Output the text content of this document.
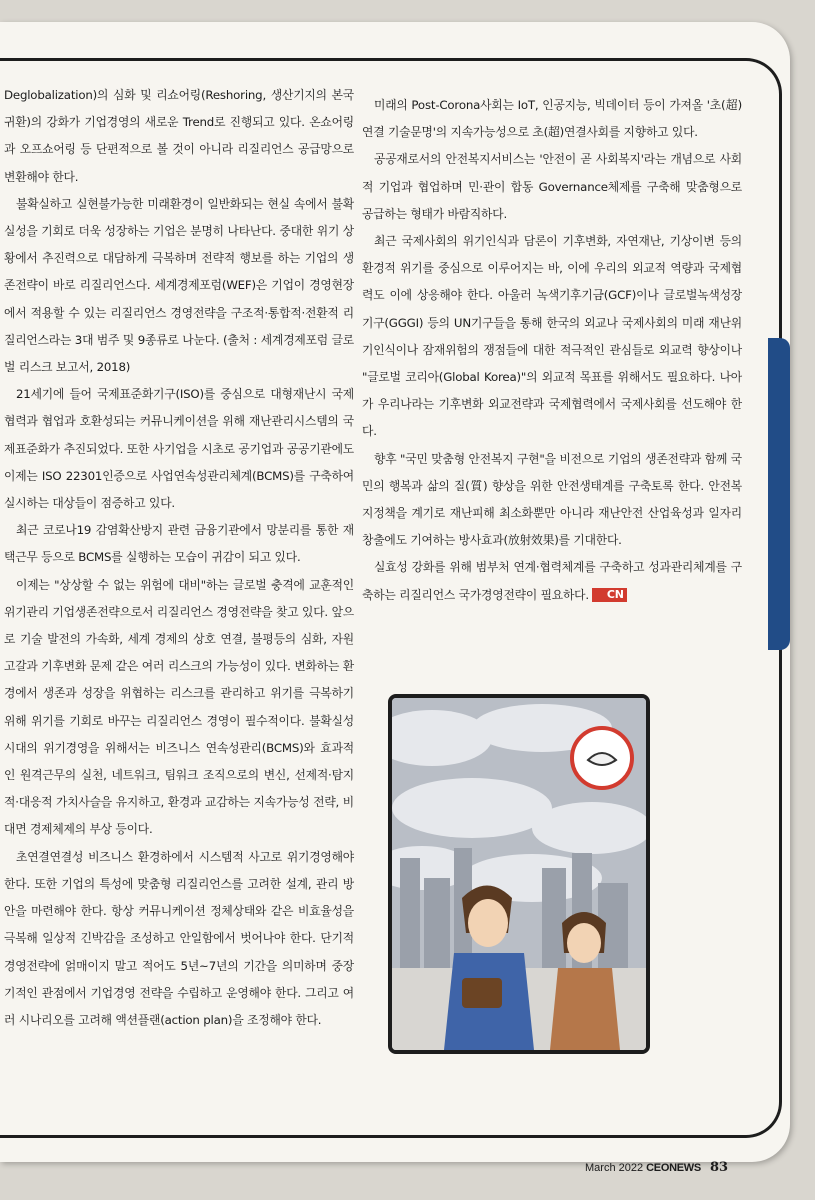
Deglobalization)의 심화 및 리쇼어링(Reshoring, 생산기지의 본국 귀환)의 강화가 기업경영의 새로운 Trend로 진행되고 있다. 온쇼어링과 오프쇼어링 등 단편적으로 볼 것이 아니라 리질리언스 공급망으로 변환해야 한다.

불확실하고 실현불가능한 미래환경이 일반화되는 현실 속에서 불확실성을 기회로 더욱 성장하는 기업은 분명히 나타난다. 중대한 위기 상황에서 추진력으로 대담하게 극복하며 전략적 행보를 하는 기업의 생존전략이 바로 리질리언스다. 세계경제포럼(WEF)은 기업이 경영현장에서 적용할 수 있는 리질리언스 경영전략을 구조적·통합적·전환적 리질리언스라는 3대 범주 및 9종류로 나눈다. (출처 : 세계경제포럼 글로벌 리스크 보고서, 2018)

21세기에 들어 국제표준화기구(ISO)를 중심으로 대형재난시 국제협력과 협업과 호환성되는 커뮤니케이션을 위해 재난관리시스템의 국제표준화가 추진되었다. 또한 사기업을 시초로 공기업과 공공기관에도 이제는 ISO 22301인증으로 사업연속성관리체계(BCMS)를 구축하여 실시하는 대상들이 점증하고 있다.

최근 코로나19 감염확산방지 관련 금융기관에서 망분리를 통한 재택근무 등으로 BCMS를 실행하는 모습이 귀감이 되고 있다.

이제는 "상상할 수 없는 위험에 대비"하는 글로벌 충격에 교훈적인 위기관리 기업생존전략으로서 리질리언스 경영전략을 찾고 있다. 앞으로 기술 발전의 가속화, 세계 경제의 상호 연결, 불평등의 심화, 자원 고갈과 기후변화 문제 같은 여러 리스크의 가능성이 있다. 변화하는 환경에서 생존과 성장을 위협하는 리스크를 관리하고 위기를 극복하기 위해 위기를 기회로 바꾸는 리질리언스 경영이 필수적이다. 불확실성 시대의 위기경영을 위해서는 비즈니스 연속성관리(BCMS)와 효과적인 원격근무의 실천, 네트워크, 팀워크 조직으로의 변신, 선제적·탐지적·대응적 가치사슬을 유지하고, 환경과 교감하는 지속가능성 전략, 비대면 경제체제의 부상 등이다.

초연결연결성 비즈니스 환경하에서 시스템적 사고로 위기경영해야 한다. 또한 기업의 특성에 맞춤형 리질리언스를 고려한 설계, 관리 방안을 마련해야 한다. 항상 커뮤니케이션 정체상태와 같은 비효율성을 극복해 일상적 긴박감을 조성하고 안일함에서 벗어나야 한다. 단기적 경영전략에 얽매이지 말고 적어도 5년~7년의 기간을 의미하며 중장기적인 관점에서 기업경영 전략을 수립하고 운영해야 한다. 그리고 여러 시나리오를 고려해 액션플랜(action plan)을 조정해야 한다.

미래의 Post-Corona사회는 IoT, 인공지능, 빅데이터 등이 가져올 '초(超)연결 기술문명'의 지속가능성으로 초(超)연결사회를 지향하고 있다.

공공재로서의 안전복지서비스는 '안전이 곧 사회복지'라는 개념으로 사회적 기업과 협업하며 민·관이 합동 Governance체제를 구축해 맞춤형으로 공급하는 형태가 바람직하다.

최근 국제사회의 위기인식과 담론이 기후변화, 자연재난, 기상이변 등의 환경적 위기를 중심으로 이루어지는 바, 이에 우리의 외교적 역량과 국제협력도 이에 상응해야 한다. 아울러 녹색기후기금(GCF)이나 글로벌녹색성장기구(GGGI) 등의 UN기구들을 통해 한국의 외교나 국제사회의 미래 재난위기인식이나 잠재위험의 쟁점들에 대한 적극적인 관심들로 외교력 향상이나 "글로벌 코리아(Global Korea)"의 외교적 목표를 위해서도 필요하다. 나아가 우리나라는 기후변화 외교전략과 국제협력에서 국제사회를 선도해야 한다.

향후 "국민 맞춤형 안전복지 구현"을 비전으로 기업의 생존전략과 함께 국민의 행복과 삶의 질(質) 향상을 위한 안전생태계를 구축토록 한다. 안전복지정책을 계기로 재난피해 최소화뿐만 아니라 재난안전 산업육성과 일자리 창출에도 기여하는 방사효과(放射效果)를 기대한다.

실효성 강화를 위해 범부처 연계·협력체계를 구축하고 성과관리체계를 구축하는 리질리언스 국가경영전략이 필요하다. CN

March 2022 CEONEWS 83
